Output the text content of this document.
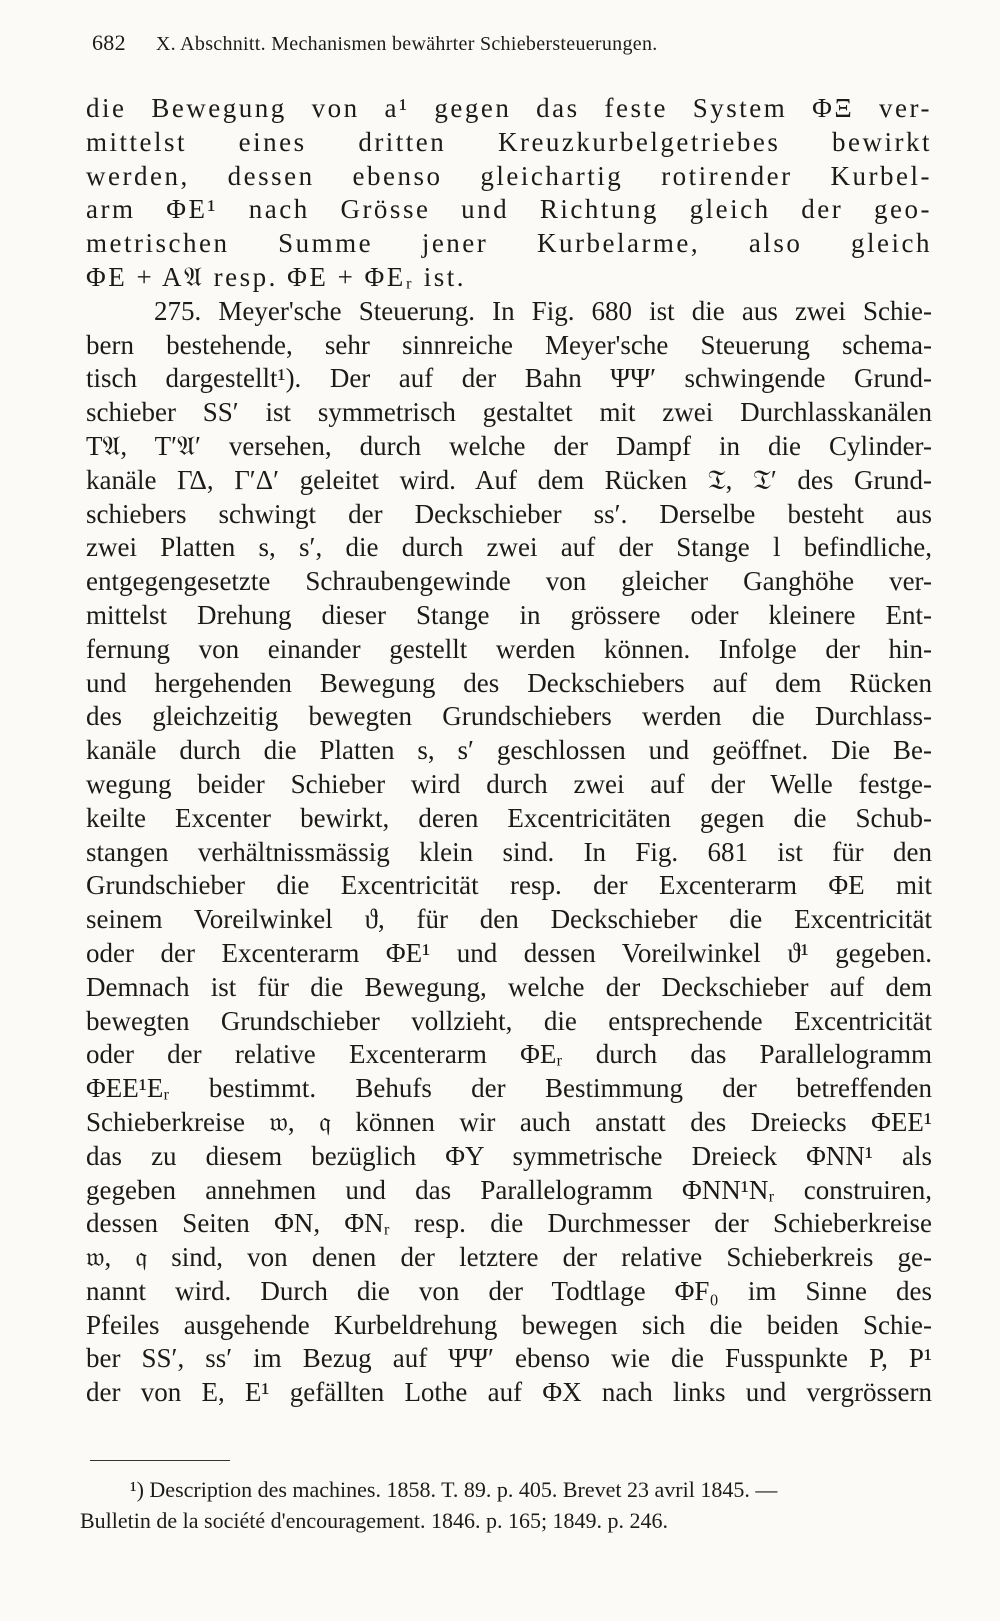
682 X. Abschnitt. Mechanismen bewährter Schiebersteuerungen.
die Bewegung von a¹ gegen das feste System ΦΞ ver-
mittelst eines dritten Kreuzkurbelgetriebes bewirkt
werden, dessen ebenso gleichartig rotirender Kurbel-
arm ΦE¹ nach Grösse und Richtung gleich der geo-
metrischen Summe jener Kurbelarme, also gleich
ΦE + A𝔄 resp. ΦE + ΦEᵣ ist.
275. Meyer'sche Steuerung. In Fig. 680 ist die aus zwei Schie-
bern bestehende, sehr sinnreiche Meyer'sche Steuerung schema-
tisch dargestellt¹). Der auf der Bahn ΨΨ′ schwingende Grund-
schieber SS′ ist symmetrisch gestaltet mit zwei Durchlasskanälen
T𝔄, T′𝔄′ versehen, durch welche der Dampf in die Cylinder-
kanäle ΓΔ, Γ′Δ′ geleitet wird. Auf dem Rücken 𝔗, 𝔗′ des Grund-
schiebers schwingt der Deckschieber ss′. Derselbe besteht aus
zwei Platten s, s′, die durch zwei auf der Stange l befindliche,
entgegengesetzte Schraubengewinde von gleicher Ganghöhe ver-
mittelst Drehung dieser Stange in grössere oder kleinere Ent-
fernung von einander gestellt werden können. Infolge der hin-
und hergehenden Bewegung des Deckschiebers auf dem Rücken
des gleichzeitig bewegten Grundschiebers werden die Durchlass-
kanäle durch die Platten s, s′ geschlossen und geöffnet. Die Be-
wegung beider Schieber wird durch zwei auf der Welle festge-
keilte Excenter bewirkt, deren Excentricitäten gegen die Schub-
stangen verhältnissmässig klein sind. In Fig. 681 ist für den
Grundschieber die Excentricität resp. der Excenterarm ΦE mit
seinem Voreilwinkel ϑ, für den Deckschieber die Excentricität
oder der Excenterarm ΦE¹ und dessen Voreilwinkel ϑ¹ gegeben.
Demnach ist für die Bewegung, welche der Deckschieber auf dem
bewegten Grundschieber vollzieht, die entsprechende Excentricität
oder der relative Excenterarm ΦEᵣ durch das Parallelogramm
ΦEE¹Eᵣ bestimmt. Behufs der Bestimmung der betreffenden
Schieberkreise 𝔴, 𝔮 können wir auch anstatt des Dreiecks ΦEE¹
das zu diesem bezüglich ΦY symmetrische Dreieck ΦNN¹ als
gegeben annehmen und das Parallelogramm ΦNN¹Nᵣ construiren,
dessen Seiten ΦN, ΦNᵣ resp. die Durchmesser der Schieberkreise
𝔴, 𝔮 sind, von denen der letztere der relative Schieberkreis ge-
nannt wird. Durch die von der Todtlage ΦF₀ im Sinne des
Pfeiles ausgehende Kurbeldrehung bewegen sich die beiden Schie-
ber SS′, ss′ im Bezug auf ΨΨ′ ebenso wie die Fusspunkte P, P¹
der von E, E¹ gefällten Lothe auf ΦX nach links und vergrössern
¹) Description des machines. 1858. T. 89. p. 405. Brevet 23 avril 1845. —
Bulletin de la société d'encouragement. 1846. p. 165; 1849. p. 246.
